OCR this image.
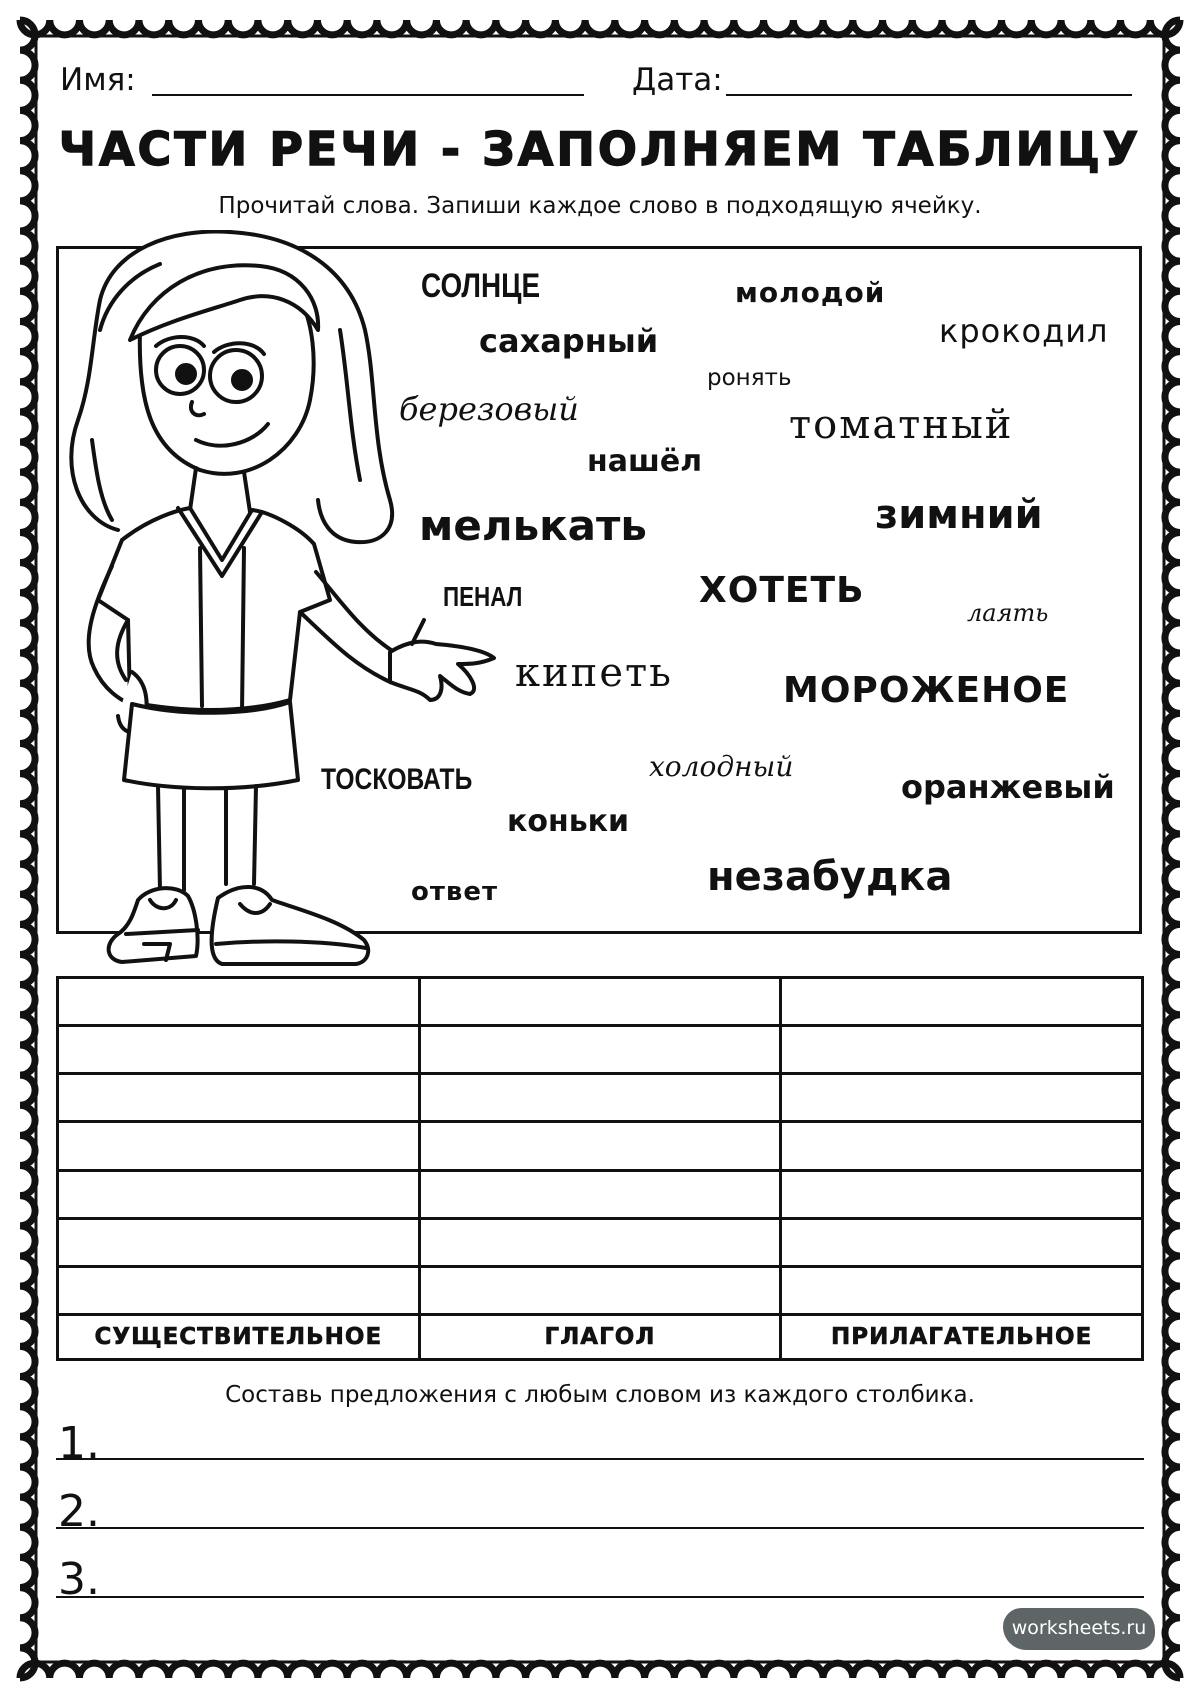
Имя:	Дата:
ЧАСТИ РЕЧИ - ЗАПОЛНЯЕМ ТАБЛИЦУ
Прочитай слова. Запиши каждое слово в подходящую ячейку.
СОЛНЦЕ	молодой
сахарный	крокодил
ронять
березовый	томатный
нашёл
мелькать	зимний
ПЕНАЛ	ХОТЕТЬ
лаять
кипеть	МОРОЖЕНОЕ
ТОСКОВАТЬ	холодный
оранжевый
коньки
ответ	незабудка

СУЩЕСТВИТЕЛЬНОЕ	ГЛАГОЛ	ПРИЛАГАТЕЛЬНОЕ
Составь предложения с любым словом из каждого столбика.
1.
2.
3.
worksheets.ru
